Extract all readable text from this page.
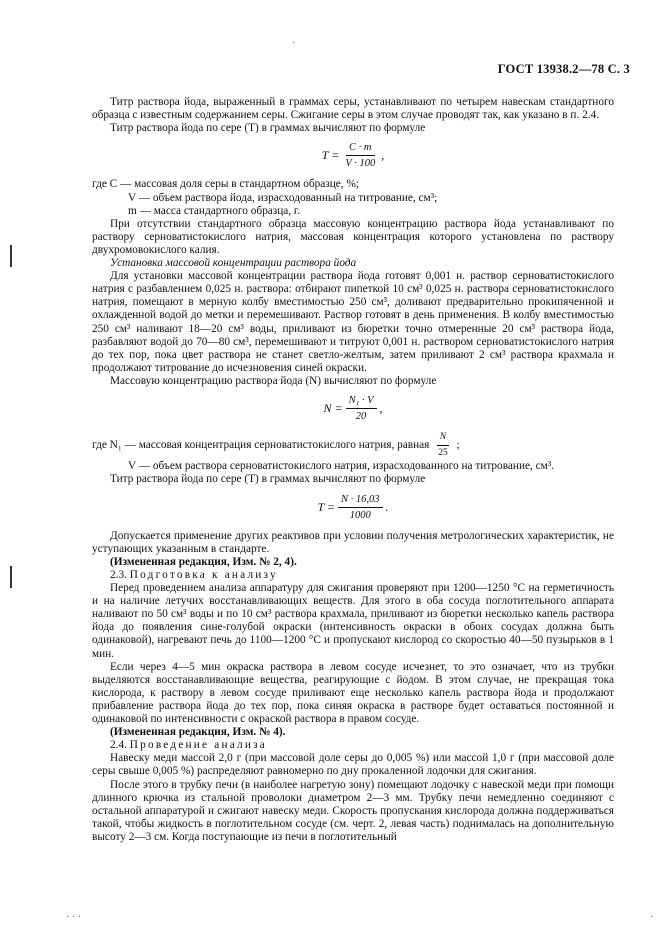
ГОСТ 13938.2—78 С. 3
·
· · ·	·

Титр раствора йода, выраженный в граммах серы, устанавливают по четырем навескам стандартного образца с известным содержанием серы. Сжигание серы в этом случае проводят так, как указано в п. 2.4.

Титр раствора йода по сере (T) в граммах вычисляют по формуле

$T = \frac{C \cdot m}{V \cdot 100}$ ,

где C — массовая доля серы в стандартном образце, %;

V — объем раствора йода, израсходованный на титрование, см³;

m — масса стандартного образца, г.

При отсутствии стандартного образца массовую концентрацию раствора йода устанавливают по раствору серноватистокислого натрия, массовая концентрация которого установлена по раствору двухромовокислого калия.

Установка массовой концентрации раствора йода

Для установки массовой концентрации раствора йода готовят 0,001 н. раствор серноватистокислого натрия с разбавлением 0,025 н. раствора: отбирают пипеткой 10 см³ 0,025 н. раствора серноватистокислого натрия, помещают в мерную колбу вместимостью 250 см³, доливают предварительно прокипяченной и охлажденной водой до метки и перемешивают. Раствор готовят в день применения. В колбу вместимостью 250 см³ наливают 18—20 см³ воды, приливают из бюретки точно отмеренные 20 см³ раствора йода, разбавляют водой до 70—80 см³, перемешивают и титруют 0,001 н. раствором серноватистокислого натрия до тех пор, пока цвет раствора не станет светло-желтым, затем приливают 2 см³ раствора крахмала и продолжают титрование до исчезновения синей окраски.

Массовую концентрацию раствора йода (N) вычисляют по формуле

$N = \frac{\text{N₁ · V}}{20}$ ,

где N₁ — массовая концентрация серноватистокислого натрия, равная $\frac{N}{25}$ ;

V — объем раствора серноватистокислого натрия, израсходованного на титрование, см³.

Титр раствора йода по сере (T) в граммах вычисляют по формуле

$T = \frac{N \cdot 16,03}{1000}$ .

Допускается применение других реактивов при условии получения метрологических характеристик, не уступающих указанным в стандарте.

(Измененная редакция, Изм. № 2, 4).

2.3. Подготовка к анализу

Перед проведением анализа аппаратуру для сжигания проверяют при 1200—1250 °С на герметичность и на наличие летучих восстанавливающих веществ. Для этого в оба сосуда поглотительного аппарата наливают по 50 см³ воды и по 10 см³ раствора крахмала, приливают из бюретки несколько капель раствора йода до появления сине-голубой окраски (интенсивность окраски в обоих сосудах должна быть одинаковой), нагревают печь до 1100—1200 °С и пропускают кислород со скоростью 40—50 пузырьков в 1 мин.

Если через 4—5 мин окраска раствора в левом сосуде исчезнет, то это означает, что из трубки выделяются восстанавливающие вещества, реагирующие с йодом. В этом случае, не прекращая тока кислорода, к раствору в левом сосуде приливают еще несколько капель раствора йода и продолжают прибавление раствора йода до тех пор, пока синяя окраска в растворе будет оставаться постоянной и одинаковой по интенсивности с окраской раствора в правом сосуде.

(Измененная редакция, Изм. № 4).

2.4. Проведение анализа

Навеску меди массой 2,0 г (при массовой доле серы до 0,005 %) или массой 1,0 г (при массовой доле серы свыше 0,005 %) распределяют равномерно по дну прокаленной лодочки для сжигания.

После этого в трубку печи (в наиболее нагретую зону) помещают лодочку с навеской меди при помощи длинного крючка из стальной проволоки диаметром 2—3 мм. Трубку печи немедленно соединяют с остальной аппаратурой и сжигают навеску меди. Скорость пропускания кислорода должна поддерживаться такой, чтобы жидкость в поглотительном сосуде (см. черт. 2, левая часть) поднималась на дополнительную высоту 2—3 см. Когда поступающие из печи в поглотительный
